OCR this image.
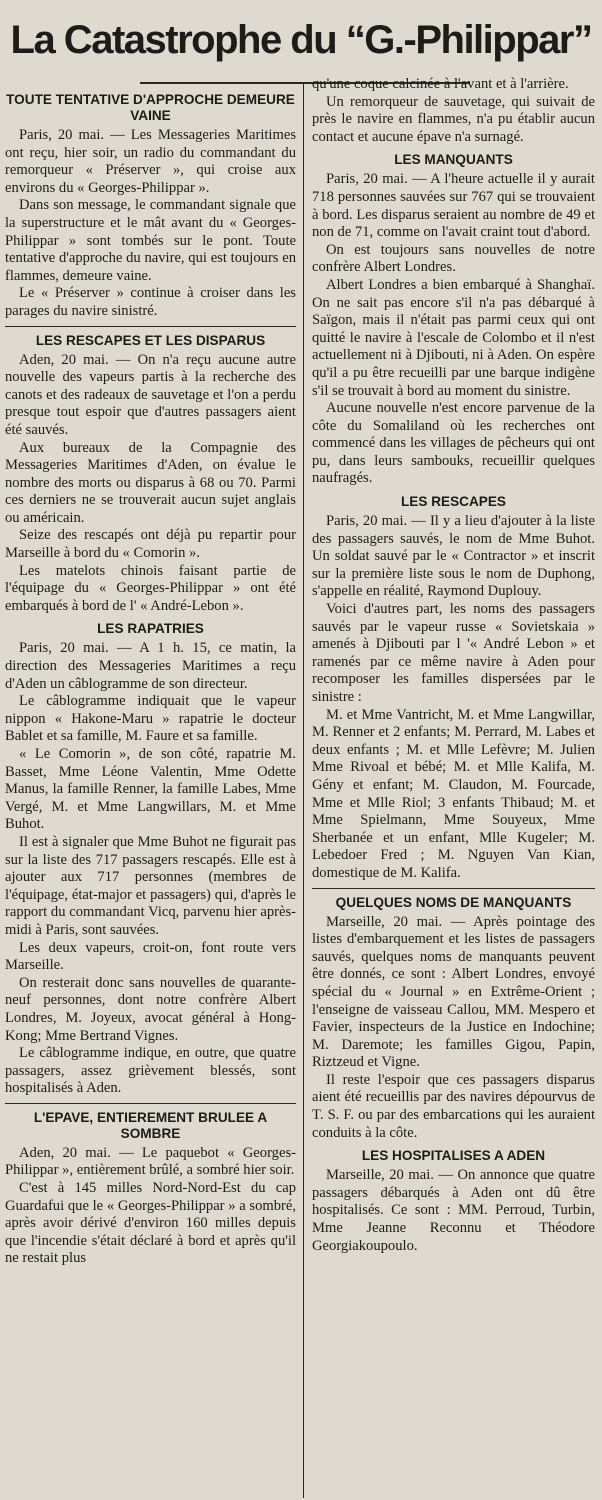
La Catastrophe du “G.-Philippar”
TOUTE TENTATIVE D'APPROCHE DEMEURE VAINE

Paris, 20 mai. — Les Messageries Maritimes ont reçu, hier soir, un radio du commandant du remorqueur « Préserver », qui croise aux environs du « Georges-Philippar ».

Dans son message, le commandant signale que la superstructure et le mât avant du « Georges-Philippar » sont tombés sur le pont. Toute tentative d'approche du navire, qui est toujours en flammes, demeure vaine.

Le « Préserver » continue à croiser dans les parages du navire sinistré.

LES RESCAPES ET LES DISPARUS

Aden, 20 mai. — On n'a reçu aucune autre nouvelle des vapeurs partis à la recherche des canots et des radeaux de sauvetage et l'on a perdu presque tout espoir que d'autres passagers aient été sauvés.

Aux bureaux de la Compagnie des Messageries Maritimes d'Aden, on évalue le nombre des morts ou disparus à 68 ou 70. Parmi ces derniers ne se trouverait aucun sujet anglais ou américain.

Seize des rescapés ont déjà pu repartir pour Marseille à bord du « Comorin ».

Les matelots chinois faisant partie de l'équipage du « Georges-Philippar » ont été embarqués à bord de l' « André-Lebon ».

LES RAPATRIES

Paris, 20 mai. — A 1 h. 15, ce matin, la direction des Messageries Maritimes a reçu d'Aden un câblogramme de son directeur.

Le câblogramme indiquait que le vapeur nippon « Hakone-Maru » rapatrie le docteur Bablet et sa famille, M. Faure et sa famille.

« Le Comorin », de son côté, rapatrie M. Basset, Mme Léone Valentin, Mme Odette Manus, la famille Renner, la famille Labes, Mme Vergé, M. et Mme Langwillars, M. et Mme Buhot.

Il est à signaler que Mme Buhot ne figurait pas sur la liste des 717 passagers rescapés. Elle est à ajouter aux 717 personnes (membres de l'équipage, état-major et passagers) qui, d'après le rapport du commandant Vicq, parvenu hier après-midi à Paris, sont sauvées.

Les deux vapeurs, croit-on, font route vers Marseille.

On resterait donc sans nouvelles de quarante-neuf personnes, dont notre confrère Albert Londres, M. Joyeux, avocat général à Hong-Kong; Mme Bertrand Vignes.

Le câblogramme indique, en outre, que quatre passagers, assez grièvement blessés, sont hospitalisés à Aden.

L'EPAVE, ENTIEREMENT BRULEE A SOMBRE

Aden, 20 mai. — Le paquebot « Georges-Philippar », entièrement brûlé, a sombré hier soir.

C'est à 145 milles Nord-Nord-Est du cap Guardafui que le « Georges-Philippar » a sombré, après avoir dérivé d'environ 160 milles depuis que l'incendie s'était déclaré à bord et après qu'il ne restait plus

qu'une coque calcinée à l'avant et à l'arrière.

Un remorqueur de sauvetage, qui suivait de près le navire en flammes, n'a pu établir aucun contact et aucune épave n'a surnagé.

LES MANQUANTS

Paris, 20 mai. — A l'heure actuelle il y aurait 718 personnes sauvées sur 767 qui se trouvaient à bord. Les disparus seraient au nombre de 49 et non de 71, comme on l'avait craint tout d'abord.

On est toujours sans nouvelles de notre confrère Albert Londres.

Albert Londres a bien embarqué à Shanghaï. On ne sait pas encore s'il n'a pas débarqué à Saïgon, mais il n'était pas parmi ceux qui ont quitté le navire à l'escale de Colombo et il n'est actuellement ni à Djibouti, ni à Aden. On espère qu'il a pu être recueilli par une barque indigène s'il se trouvait à bord au moment du sinistre.

Aucune nouvelle n'est encore parvenue de la côte du Somaliland où les recherches ont commencé dans les villages de pêcheurs qui ont pu, dans leurs sambouks, recueillir quelques naufragés.

LES RESCAPES

Paris, 20 mai. — Il y a lieu d'ajouter à la liste des passagers sauvés, le nom de Mme Buhot. Un soldat sauvé par le « Contractor » et inscrit sur la première liste sous le nom de Duphong, s'appelle en réalité, Raymond Duplouy.

Voici d'autres part, les noms des passagers sauvés par le vapeur russe « Sovietskaia » amenés à Djibouti par l '« André Lebon » et ramenés par ce même navire à Aden pour recomposer les familles dispersées par le sinistre :

M. et Mme Vantricht, M. et Mme Langwillar, M. Renner et 2 enfants; M. Perrard, M. Labes et deux enfants ; M. et Mlle Lefèvre; M. Julien Mme Rivoal et bébé; M. et Mlle Kalifa, M. Gény et enfant; M. Claudon, M. Fourcade, Mme et Mlle Riol; 3 enfants Thibaud; M. et Mme Spielmann, Mme Souyeux, Mme Sherbanée et un enfant, Mlle Kugeler; M. Lebedoer Fred ; M. Nguyen Van Kian, domestique de M. Kalifa.

QUELQUES NOMS DE MANQUANTS

Marseille, 20 mai. — Après pointage des listes d'embarquement et les listes de passagers sauvés, quelques noms de manquants peuvent être donnés, ce sont : Albert Londres, envoyé spécial du « Journal » en Extrême-Orient ; l'enseigne de vaisseau Callou, MM. Mespero et Favier, inspecteurs de la Justice en Indochine; M. Daremote; les familles Gigou, Papin, Riztzeud et Vigne.

Il reste l'espoir que ces passagers disparus aient été recueillis par des navires dépourvus de T. S. F. ou par des embarcations qui les auraient conduits à la côte.

LES HOSPITALISES A ADEN

Marseille, 20 mai. — On annonce que quatre passagers débarqués à Aden ont dû être hospitalisés. Ce sont : MM. Perroud, Turbin, Mme Jeanne Reconnu et Théodore Georgiakoupoulo.
